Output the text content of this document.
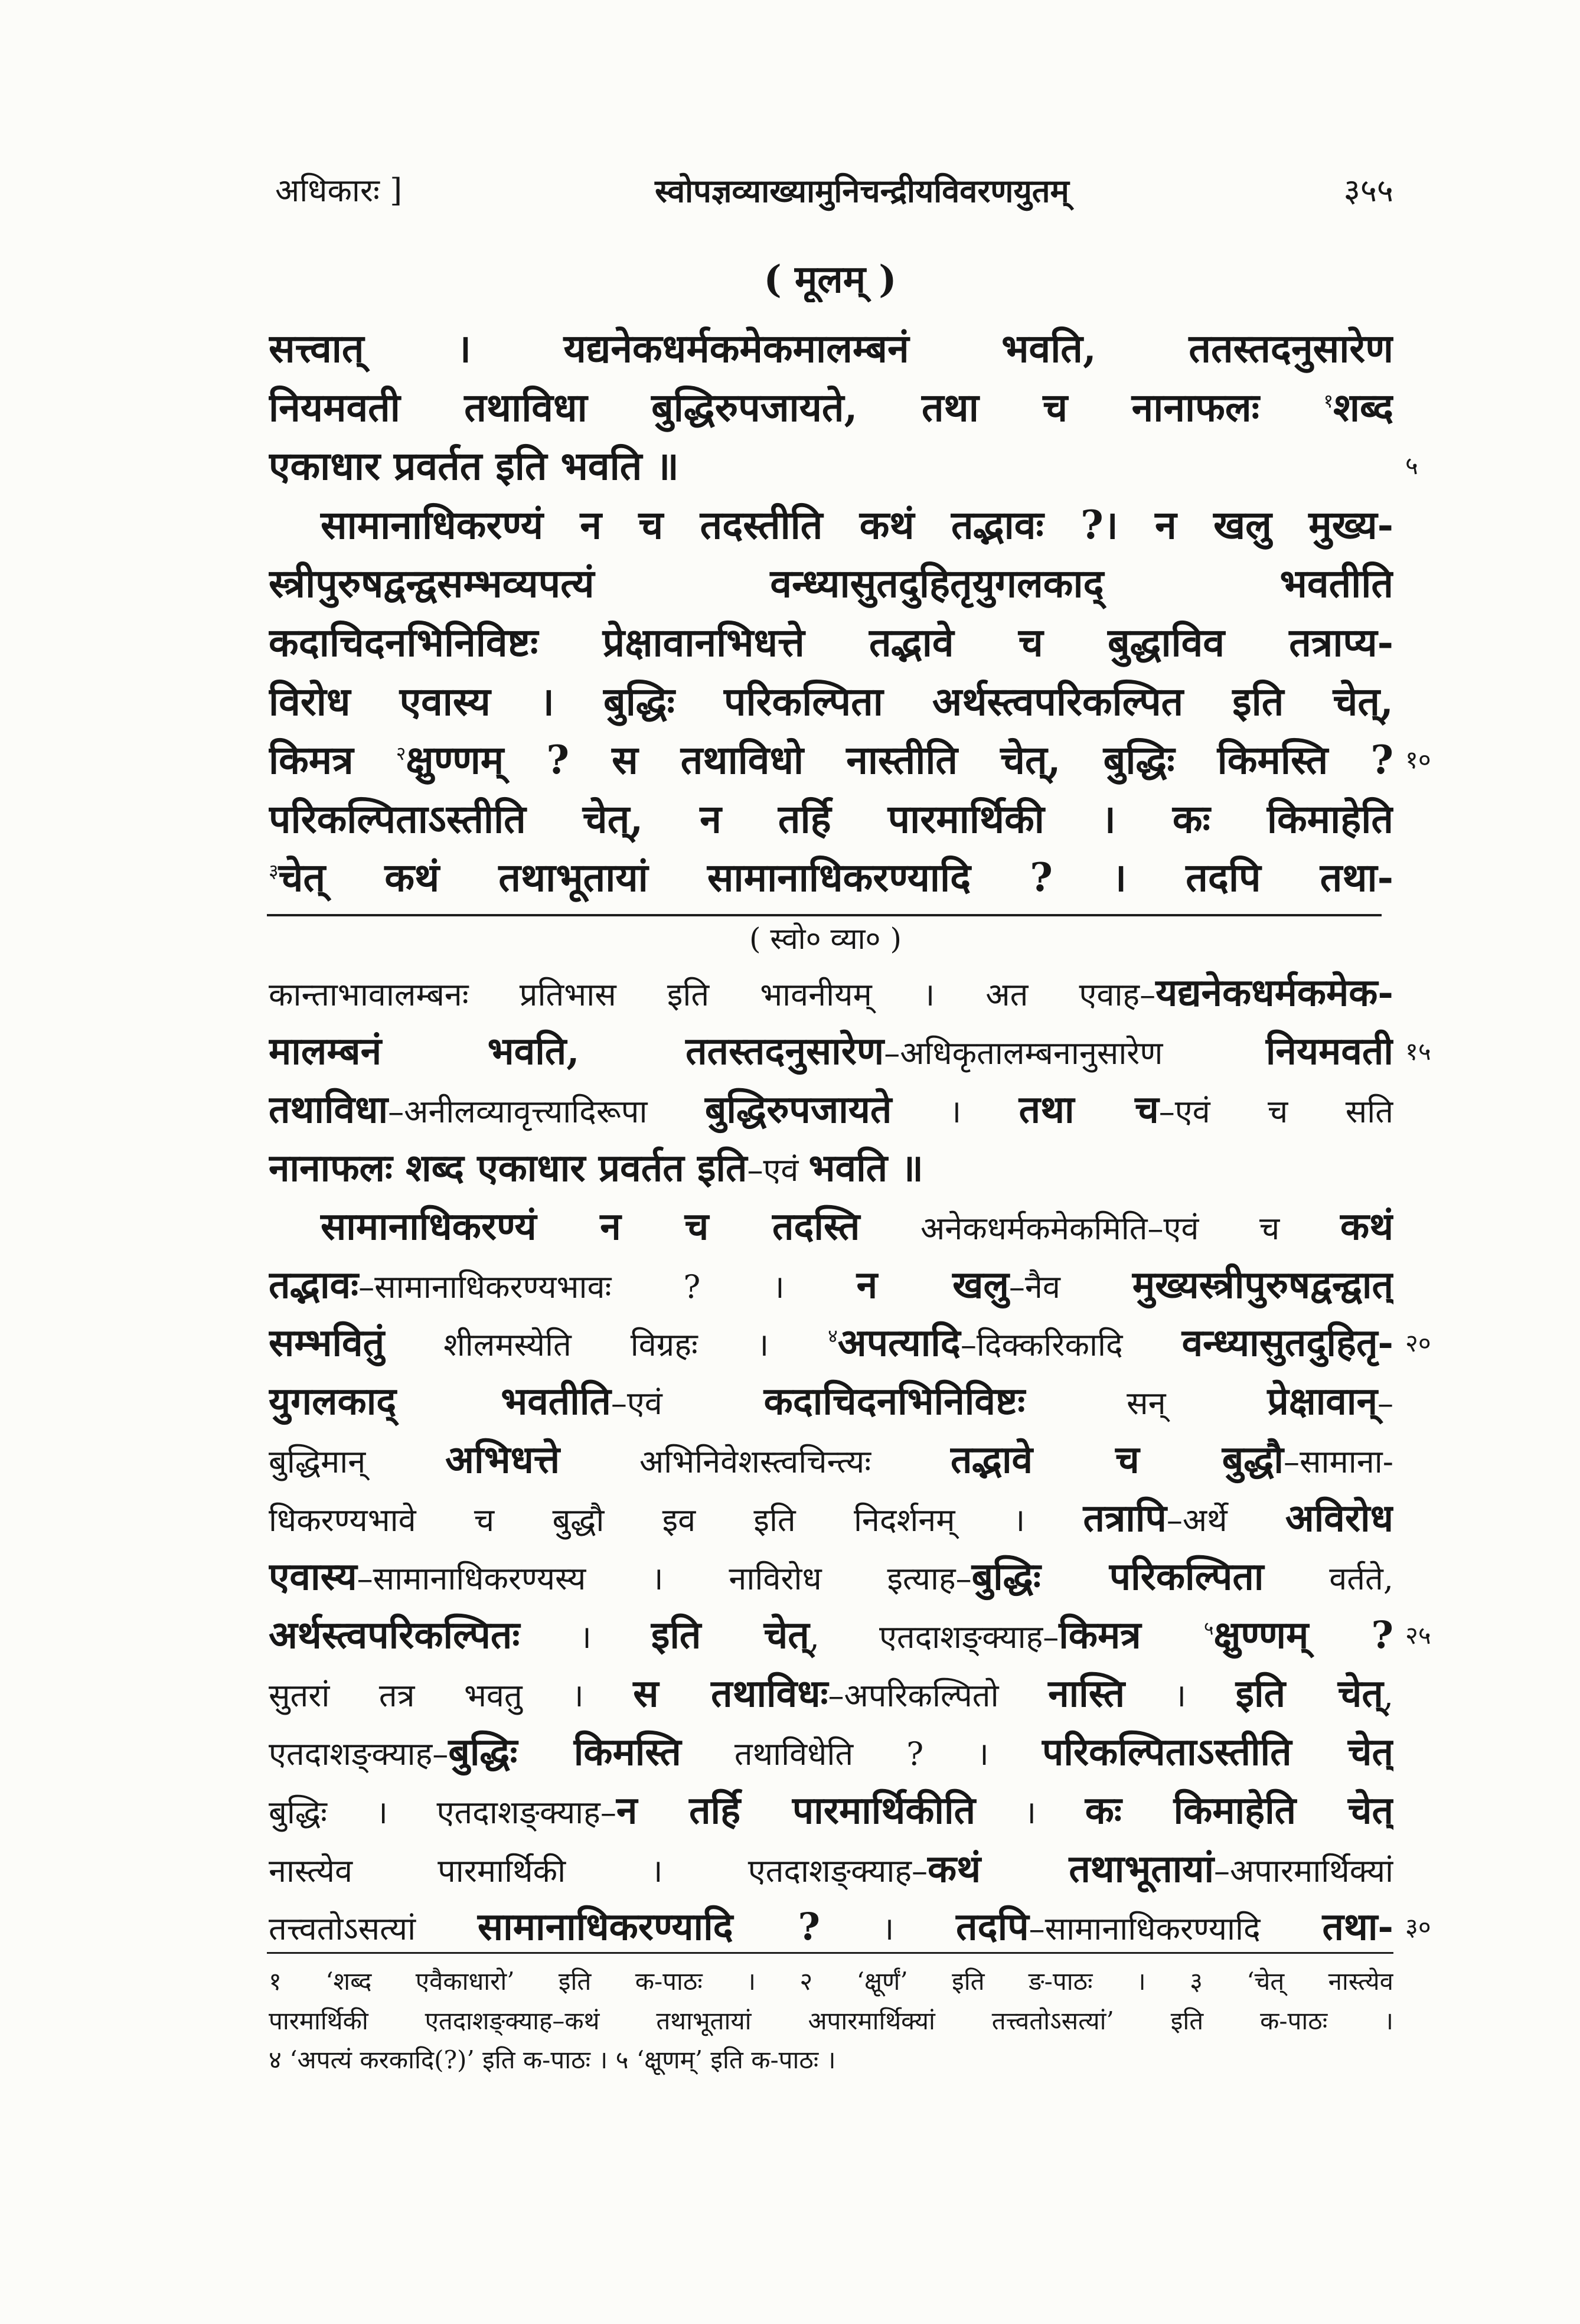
अधिकारः ]	स्वोपज्ञव्याख्यामुनिचन्द्रीयविवरणयुतम्	३५५
( मूलम् )
( स्वो० व्या० )
सत्त्वात् । यद्यनेकधर्मकमेकमालम्बनं भवति, ततस्तदनुसारेण
नियमवती तथाविधा बुद्धिरुपजायते, तथा च नानाफलः $^१$शब्द
५
एकाधार प्रवर्तत इति भवति ॥
सामानाधिकरण्यं न च तदस्तीति कथं तद्भावः ?। न खलु मुख्य-
स्त्रीपुरुषद्वन्द्वसम्भव्यपत्यं वन्ध्यासुतदुहितृयुगलकाद् भवतीति
कदाचिदनभिनिविष्टः प्रेक्षावानभिधत्ते तद्भावे च बुद्धाविव तत्राप्य-
विरोध एवास्य । बुद्धिः परिकल्पिता अर्थस्त्वपरिकल्पित इति चेत्,
१०
किमत्र $^२$क्षुण्णम् ? स तथाविधो नास्तीति चेत्, बुद्धिः किमस्ति ?
परिकल्पिताऽस्तीति चेत्, न तर्हि पारमार्थिकी । कः किमाहेति
$^३$चेत् कथं तथाभूतायां सामानाधिकरण्यादि ? । तदपि तथा-
कान्ताभावालम्बनः प्रतिभास इति भावनीयम् । अत एवाह–यद्यनेकधर्मकमेक-
१५
मालम्बनं भवति, ततस्तदनुसारेण–अधिकृतालम्बनानुसारेण नियमवती
तथाविधा–अनीलव्यावृत्त्यादिरूपा बुद्धिरुपजायते । तथा च–एवं च सति
नानाफलः शब्द एकाधार प्रवर्तत इति–एवं भवति ॥
सामानाधिकरण्यं न च तदस्ति अनेकधर्मकमेकमिति–एवं च कथं
तद्भावः–सामानाधिकरण्यभावः ? । न खलु–नैव मुख्यस्त्रीपुरुषद्वन्द्वात्
२०
सम्भवितुं शीलमस्येति विग्रहः । $^४$अपत्यादि–दिक्करिकादि वन्ध्यासुतदुहितृ-
युगलकाद् भवतीति–एवं कदाचिदनभिनिविष्टः सन् प्रेक्षावान्–
बुद्धिमान् अभिधत्ते अभिनिवेशस्त्वचिन्त्यः तद्भावे च बुद्धौ–सामाना-
धिकरण्यभावे च बुद्धौ इव इति निदर्शनम् । तत्रापि–अर्थे अविरोध
एवास्य–सामानाधिकरण्यस्य । नाविरोध इत्याह–बुद्धिः परिकल्पिता वर्तते,
२५
अर्थस्त्वपरिकल्पितः । इति चेत्, एतदाशङ्क्याह–किमत्र $^५$क्षुण्णम् ?
सुतरां तत्र भवतु । स तथाविधः–अपरिकल्पितो नास्ति । इति चेत्,
एतदाशङ्क्याह–बुद्धिः किमस्ति तथाविधेति ? । परिकल्पिताऽस्तीति चेत्
बुद्धिः । एतदाशङ्क्याह–न तर्हि पारमार्थिकीति । कः किमाहेति चेत्
नास्त्येव पारमार्थिकी । एतदाशङ्क्याह–कथं तथाभूतायां–अपारमार्थिक्यां
३०
तत्त्वतोऽसत्यां सामानाधिकरण्यादि ? । तदपि–सामानाधिकरण्यादि तथा-
१ ‘शब्द एवैकाधारो’ इति क-पाठः । २ ‘क्षूर्णं’ इति ङ-पाठः । ३ ‘चेत् नास्त्येव
पारमार्थिकी एतदाशङ्क्याह–कथं तथाभूतायां अपारमार्थिक्यां तत्त्वतोऽसत्यां’ इति क-पाठः ।
४ ‘अपत्यं करकादि(?)’ इति क-पाठः । ५ ‘क्षूणम्’ इति क-पाठः ।
